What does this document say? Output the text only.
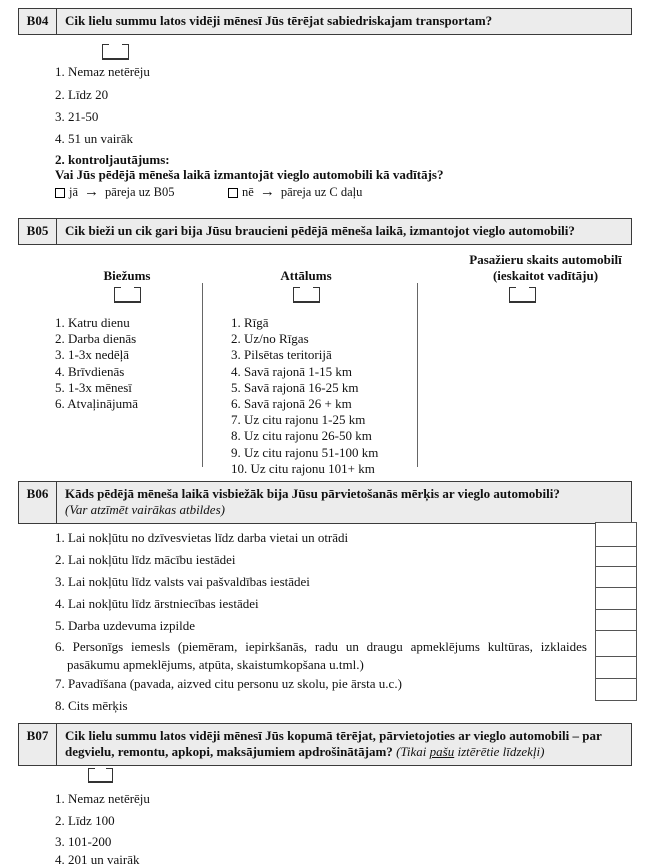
B04	Cik lielu summu latos vidēji mēnesī Jūs tērējat sabiedriskajam transportam?
1. Nemaz netērēju
2. Līdz 20
3. 21-50
4. 51 un vairāk
2. kontroljautājums:
Vai Jūs pēdējā mēneša laikā izmantojāt vieglo automobili kā vadītājs?
jā → pāreja uz B05	nē → pāreja uz C daļu
B05	Cik bieži un cik gari bija Jūsu braucieni pēdējā mēneša laikā, izmantojot vieglo automobili?
Biežums	Attālums
Pasažieru skaits automobilī
(ieskaitot vadītāju)
1. Katru dienu
2. Darba dienās
3. 1-3x nedēļā
4. Brīvdienās
5. 1-3x mēnesī
6. Atvaļinājumā
1. Rīgā
2. Uz/no Rīgas
3. Pilsētas teritorijā
4. Savā rajonā 1-15 km
5. Savā rajonā 16-25 km
6. Savā rajonā 26 + km
7. Uz citu rajonu 1-25 km
8. Uz citu rajonu 26-50 km
9. Uz citu rajonu 51-100 km
10. Uz citu rajonu 101+ km
B06	Kāds pēdējā mēneša laikā visbiežāk bija Jūsu pārvietošanās mērķis ar vieglo automobili?
(Var atzīmēt vairākas atbildes)
1. Lai nokļūtu no dzīvesvietas līdz darba vietai un otrādi
2. Lai nokļūtu līdz mācību iestādei
3. Lai nokļūtu līdz valsts vai pašvaldības iestādei
4. Lai nokļūtu līdz ārstniecības iestādei
5. Darba uzdevuma izpilde
6. Personīgs iemesls (piemēram, iepirkšanās, radu un draugu apmeklējums kultūras, izklaides pasākumu apmeklējums, atpūta, skaistumkopšana u.tml.)
7. Pavadīšana (pavada, aizved citu personu uz skolu, pie ārsta u.c.)
8. Cits mērķis
B07	Cik lielu summu latos vidēji mēnesī Jūs kopumā tērējat, pārvietojoties ar vieglo automobili – par degvielu, remontu, apkopi, maksājumiem apdrošinātājam? (Tikai pašu iztērētie līdzekļi)
1. Nemaz netērēju
2. Līdz 100
3. 101-200
4. 201 un vairāk
